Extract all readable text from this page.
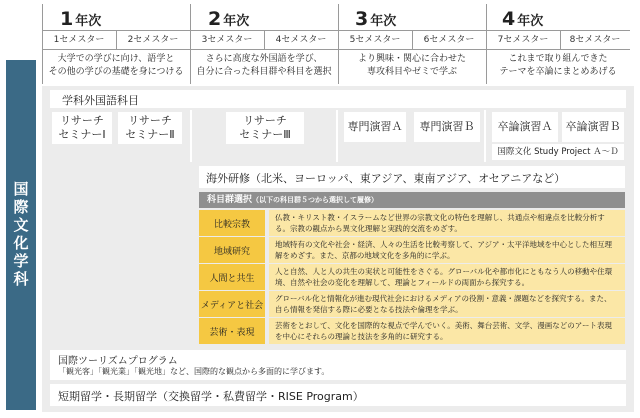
1 年次	2 年次	3 年次	4 年次
1セメスター	2セメスター	3セメスター	4セメスター	5セメスター	6セメスター	7セメスター	8セメスター
大学での学びに向け、語学と
その他の学びの基礎を身につける
さらに高度な外国語を学び、
自分に合った科目群や科目を選択
より興味・関心に合わせた
専攻科目やゼミで学ぶ
これまで取り組んできた
テーマを卒論にまとめあげる
国際文化学科
学科外国語科目
リサーチ
セミナーⅠ
リサーチ
セミナーⅡ
リサーチ
セミナーⅢ
専門演習Ａ	専門演習Ｂ	卒論演習Ａ	卒論演習Ｂ
国際文化 Study Project Ａ～Ｄ
海外研修（北米、ヨーロッパ、東アジア、東南アジア、オセアニアなど）
科目群選択（以下の科目群５つから選択して履修）
比較宗教
仏教・キリスト教・イスラームなど世界の宗教文化の特色を理解し、共通点や相違点を比較分析する。宗教の観点から異文化理解と実践的交流をめざす。
地域研究
地域特有の文化や社会・経済、人々の生活を比較考察して、アジア・太平洋地域を中心とした相互理解をめざす。また、京都の地域文化を多角的に学ぶ。
人間と共生
人と自然、人と人の共生の実状と可能性をさぐる。グローバル化や都市化にともなう人の移動や住環境、自然や社会の変化を理解して、理論とフィールドの両面から探究する。
メディアと社会
グローバル化と情報化が進む現代社会におけるメディアの役割・意義・課題などを探究する。また、自ら情報を発信する際に必要となる技法や倫理を学ぶ。
芸術・表現
芸術をとおして、文化を国際的な視点で学んでいく。美術、舞台芸術、文学、漫画などのアート表現を中心にそれらの理論と技法を多角的に研究する。
国際ツーリズムプログラム
「観光客」「観光業」「観光地」など、国際的な観点から多面的に学びます。
短期留学・長期留学（交換留学・私費留学・RISE Program）
